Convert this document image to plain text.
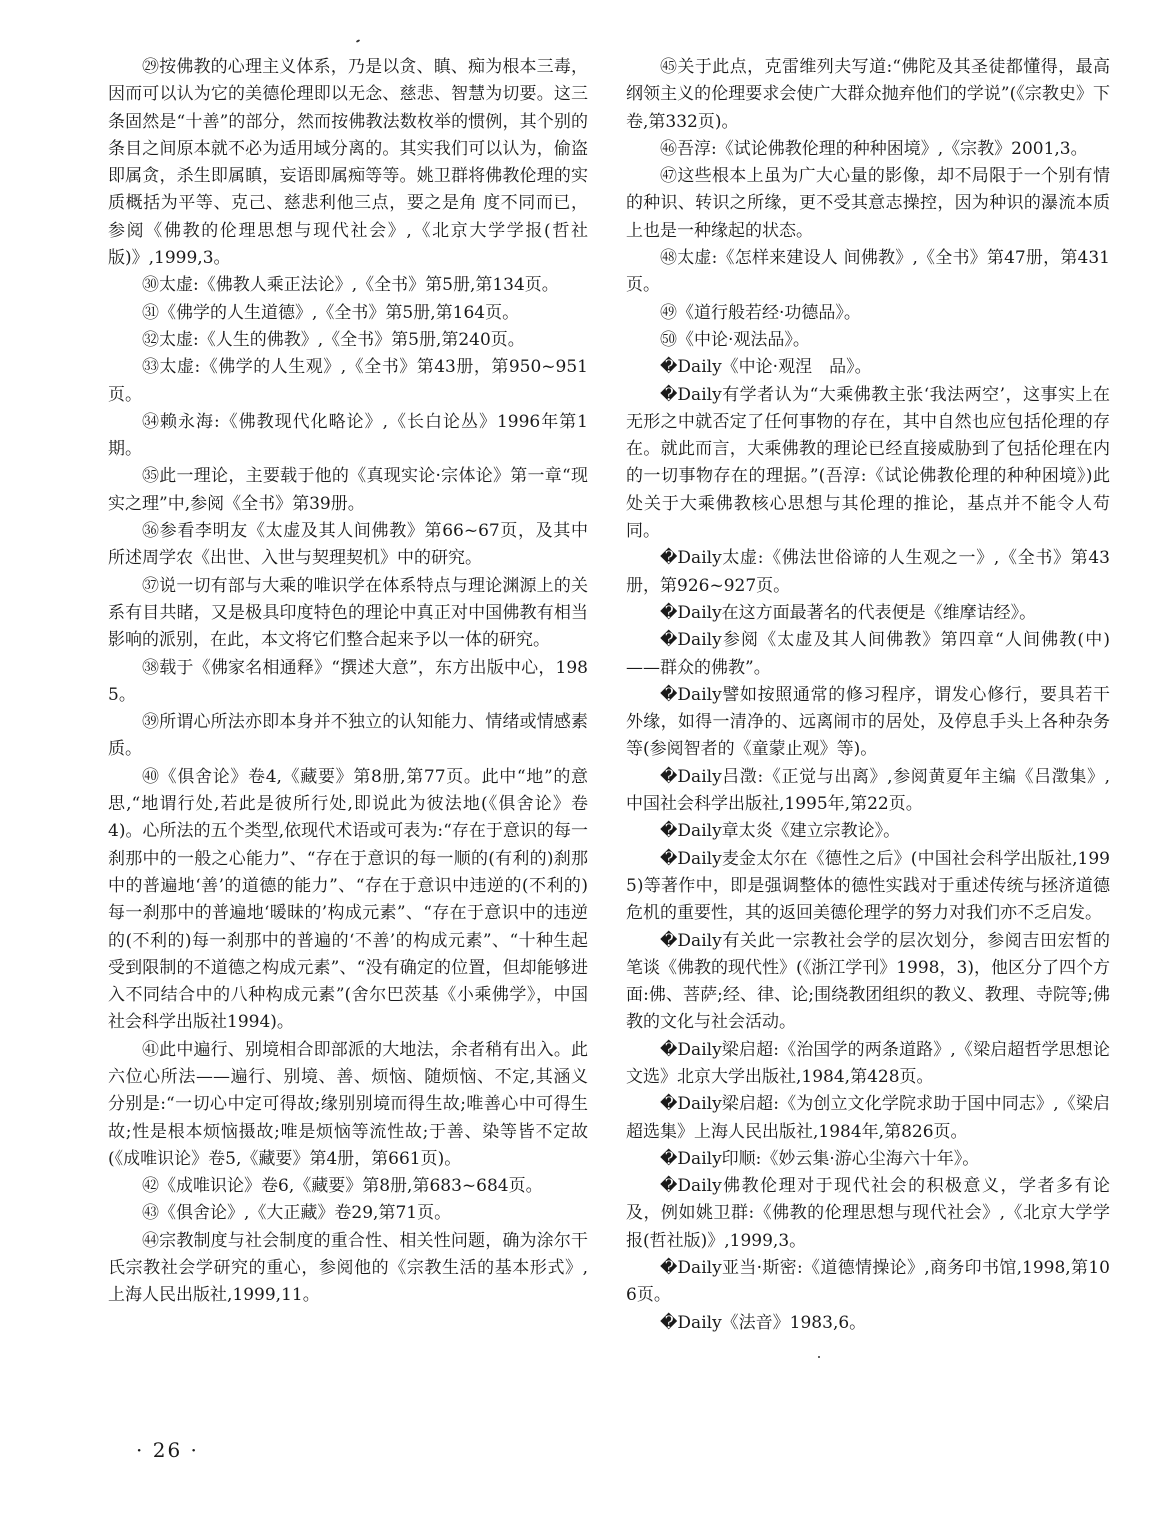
㉙按佛教的心理主义体系，乃是以贪、瞋、痴为根本三毒，因而可以认为它的美德伦理即以无念、慈悲、智慧为切要。这三条固然是“十善”的部分，然而按佛教法数枚举的惯例，其个别的条目之间原本就不必为适用域分离的。其实我们可以认为，偷盗即属贪，杀生即属瞋，妄语即属痴等等。姚卫群将佛教伦理的实质概括为平等、克己、慈悲利他三点，要之是角 度不同而已，参阅《佛教的伦理思想与现代社会》,《北京大学学报(哲社版)》,1999,3。

㉚太虚:《佛教人乘正法论》,《全书》第5册,第134页。

㉛《佛学的人生道德》,《全书》第5册,第164页。

㉜太虚:《人生的佛教》,《全书》第5册,第240页。

㉝太虚:《佛学的人生观》,《全书》第43册，第950~951页。

㉞赖永海:《佛教现代化略论》,《长白论丛》1996年第1期。

㉟此一理论，主要载于他的《真现实论·宗体论》第一章“现实之理”中,参阅《全书》第39册。

㊱参看李明友《太虚及其人间佛教》第66~67页，及其中所述周学农《出世、入世与契理契机》中的研究。

㊲说一切有部与大乘的唯识学在体系特点与理论渊源上的关系有目共睹，又是极具印度特色的理论中真正对中国佛教有相当影响的派别，在此，本文将它们整合起来予以一体的研究。

㊳载于《佛家名相通释》“撰述大意”，东方出版中心，1985。

㊴所谓心所法亦即本身并不独立的认知能力、情绪或情感素质。

㊵《俱舍论》卷4,《藏要》第8册,第77页。此中“地”的意思,“地谓行处,若此是彼所行处,即说此为彼法地(《俱舍论》卷4)。心所法的五个类型,依现代术语或可表为:“存在于意识的每一刹那中的一般之心能力”、“存在于意识的每一顺的(有利的)刹那中的普遍地‘善’的道德的能力”、“存在于意识中违逆的(不利的)每一刹那中的普遍地‘暖昧的’构成元素”、“存在于意识中的违逆的(不利的)每一刹那中的普遍的‘不善’的构成元素”、“十种生起受到限制的不道德之构成元素”、“没有确定的位置，但却能够进入不同结合中的八种构成元素”(舍尔巴茨基《小乘佛学》，中国社会科学出版社1994)。

㊶此中遍行、别境相合即部派的大地法，余者稍有出入。此六位心所法——遍行、别境、善、烦恼、随烦恼、不定,其涵义分别是:“一切心中定可得故;缘别别境而得生故;唯善心中可得生故;性是根本烦恼摄故;唯是烦恼等流性故;于善、染等皆不定故(《成唯识论》卷5,《藏要》第4册，第661页)。

㊷《成唯识论》卷6,《藏要》第8册,第683~684页。

㊸《俱舍论》,《大正藏》卷29,第71页。

㊹宗教制度与社会制度的重合性、相关性问题，确为涂尔干氏宗教社会学研究的重心，参阅他的《宗教生活的基本形式》,上海人民出版社,1999,11。

㊺关于此点，克雷维列夫写道:“佛陀及其圣徒都懂得，最高纲领主义的伦理要求会使广大群众抛弃他们的学说”(《宗教史》下卷,第332页)。

㊻吾淳:《试论佛教伦理的种种困境》,《宗教》2001,3。

㊼这些根本上虽为广大心量的影像，却不局限于一个别有情的种识、转识之所缘，更不受其意志操控，因为种识的瀑流本质上也是一种缘起的状态。

㊽太虚:《怎样来建设人 间佛教》,《全书》第47册，第431页。

㊾《道行般若经·功德品》。

㊿《中论·观法品》。

�Daily《中论·观涅　品》。

�Daily有学者认为“大乘佛教主张‘我法两空’，这事实上在无形之中就否定了任何事物的存在，其中自然也应包括伦理的存在。就此而言，大乘佛教的理论已经直接威胁到了包括伦理在内的一切事物存在的理据。”(吾淳:《试论佛教伦理的种种困境》)此处关于大乘佛教核心思想与其伦理的推论，基点并不能令人苟同。

�Daily太虚:《佛法世俗谛的人生观之一》,《全书》第43册，第926~927页。

�Daily在这方面最著名的代表便是《维摩诘经》。

�Daily参阅《太虚及其人间佛教》第四章“人间佛教(中)——群众的佛教”。

�Daily譬如按照通常的修习程序，谓发心修行，要具若干外缘，如得一清净的、远离闹市的居处，及停息手头上各种杂务等(参阅智者的《童蒙止观》等)。

�Daily吕澂:《正觉与出离》,参阅黄夏年主编《吕澂集》,中国社会科学出版社,1995年,第22页。

�Daily章太炎《建立宗教论》。

�Daily麦金太尔在《德性之后》(中国社会科学出版社,1995)等著作中，即是强调整体的德性实践对于重述传统与拯济道德危机的重要性，其的返回美德伦理学的努力对我们亦不乏启发。

�Daily有关此一宗教社会学的层次划分，参阅吉田宏皙的笔谈《佛教的现代性》(《浙江学刊》1998，3)，他区分了四个方面:佛、菩萨;经、律、论;围绕教团组织的教义、教理、寺院等;佛教的文化与社会活动。

�Daily梁启超:《治国学的两条道路》,《梁启超哲学思想论文选》北京大学出版社,1984,第428页。

�Daily梁启超:《为创立文化学院求助于国中同志》,《梁启超选集》上海人民出版社,1984年,第826页。

�Daily印顺:《妙云集·游心尘海六十年》。

�Daily佛教伦理对于现代社会的积极意义，学者多有论及，例如姚卫群:《佛教的伦理思想与现代社会》,《北京大学学报(哲社版)》,1999,3。

�Daily亚当·斯密:《道德情操论》,商务印书馆,1998,第106页。

�Daily《法音》1983,6。

· 26 ·
